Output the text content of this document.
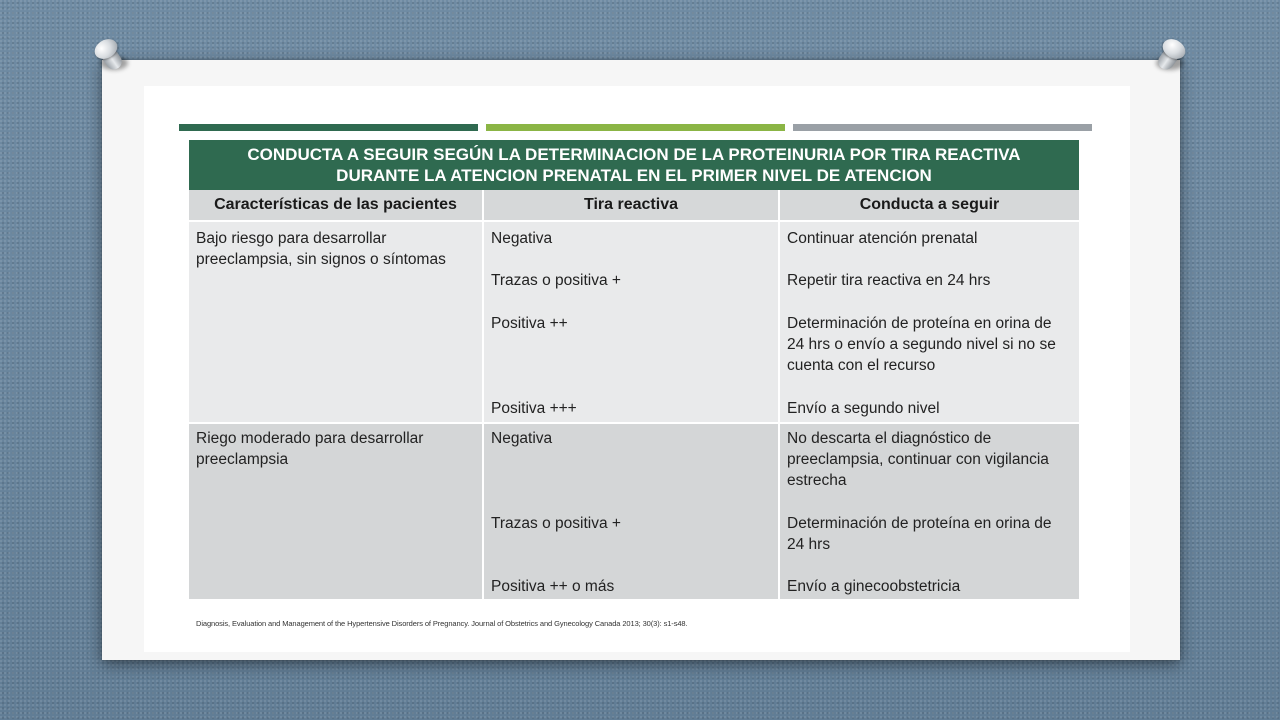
CONDUCTA A SEGUIR SEGÚN LA DETERMINACION DE LA PROTEINURIA POR TIRA REACTIVA
DURANTE LA ATENCION PRENATAL EN EL PRIMER NIVEL DE ATENCION
Características de las pacientes	Tira reactiva	Conducta a seguir
Bajo riesgo para desarrollar preeclampsia, sin signos o síntomas
Negativa
Trazas o positiva +
Positiva ++
Positiva +++
Continuar atención prenatal
Repetir tira reactiva en 24 hrs
Determinación de proteína en orina de 24 hrs o envío a segundo nivel si no se cuenta con el recurso
Envío a segundo nivel
Riego moderado para desarrollar preeclampsia
Negativa
Trazas o positiva +
Positiva ++ o más
No descarta el diagnóstico de preeclampsia, continuar con vigilancia estrecha
Determinación de proteína en orina de 24 hrs
Envío a ginecoobstetricia
Diagnosis, Evaluation and Management of the Hypertensive Disorders of Pregnancy. Journal of Obstetrics and Gynecology Canada 2013; 30(3): s1-s48.
